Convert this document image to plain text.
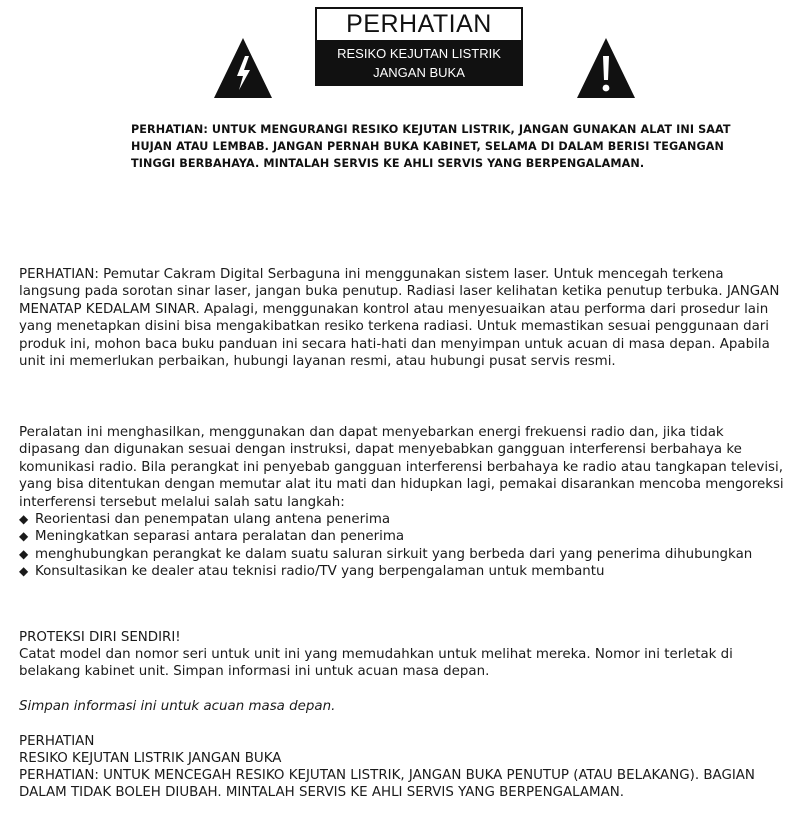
PERHATIAN
RESIKO KEJUTAN LISTRIK
JANGAN BUKA
PERHATIAN: UNTUK MENGURANGI RESIKO KEJUTAN LISTRIK, JANGAN GUNAKAN ALAT INI SAAT HUJAN ATAU LEMBAB. JANGAN PERNAH BUKA KABINET, SELAMA DI DALAM BERISI TEGANGAN TINGGI BERBAHAYA. MINTALAH SERVIS KE AHLI SERVIS YANG BERPENGALAMAN.

PERHATIAN: Pemutar Cakram Digital Serbaguna ini menggunakan sistem laser. Untuk mencegah terkena langsung pada sorotan sinar laser, jangan buka penutup. Radiasi laser kelihatan ketika penutup terbuka. JANGAN MENATAP KEDALAM SINAR. Apalagi, menggunakan kontrol atau menyesuaikan atau performa dari prosedur lain yang menetapkan disini bisa mengakibatkan resiko terkena radiasi. Untuk memastikan sesuai penggunaan dari produk ini, mohon baca buku panduan ini secara hati-hati dan menyimpan untuk acuan di masa depan. Apabila unit ini memerlukan perbaikan, hubungi layanan resmi, atau hubungi pusat servis resmi.

Peralatan ini menghasilkan, menggunakan dan dapat menyebarkan energi frekuensi radio dan, jika tidak dipasang dan digunakan sesuai dengan instruksi, dapat menyebabkan gangguan interferensi berbahaya ke komunikasi radio. Bila perangkat ini penyebab gangguan interferensi berbahaya ke radio atau tangkapan televisi, yang bisa ditentukan dengan memutar alat itu mati dan hidupkan lagi, pemakai disarankan mencoba mengoreksi interferensi tersebut melalui salah satu langkah:

◆ Reorientasi dan penempatan ulang antena penerima
◆ Meningkatkan separasi antara peralatan dan penerima
◆ menghubungkan perangkat ke dalam suatu saluran sirkuit yang berbeda dari yang penerima dihubungkan
◆ Konsultasikan ke dealer atau teknisi radio/TV yang berpengalaman untuk membantu

PROTEKSI DIRI SENDIRI!

Catat model dan nomor seri untuk unit ini yang memudahkan untuk melihat mereka. Nomor ini terletak di belakang kabinet unit. Simpan informasi ini untuk acuan masa depan.

Simpan informasi ini untuk acuan masa depan.

PERHATIAN

RESIKO KEJUTAN LISTRIK JANGAN BUKA

PERHATIAN: UNTUK MENCEGAH RESIKO KEJUTAN LISTRIK, JANGAN BUKA PENUTUP (ATAU BELAKANG). BAGIAN DALAM TIDAK BOLEH DIUBAH. MINTALAH SERVIS KE AHLI SERVIS YANG BERPENGALAMAN.
